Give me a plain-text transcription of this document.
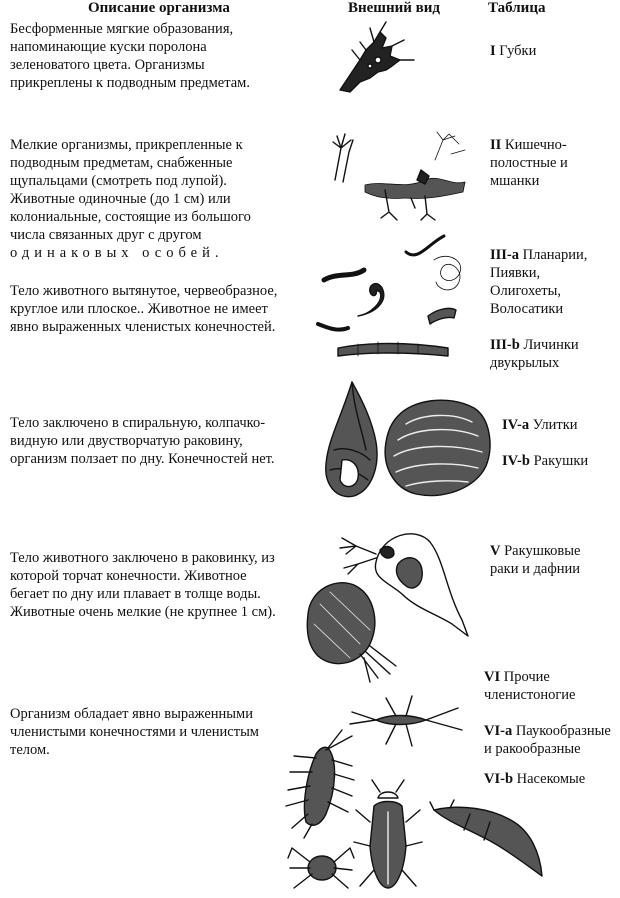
Описание организма	Внешний вид	Таблица
Бесформенные мягкие образования,
напоминающие куски поролона
зеленоватого цвета. Организмы
прикреплены к подводным предметам.
I Губки
Мелкие организмы, прикрепленные к
подводным предметам, снабженные
щупальцами (смотреть под лупой).
Животные одиночные (до 1 см) или
колониальные, состоящие из большого
числа связанных друг с другом
одинаковых особей.
II Кишечно-
полостные и
мшанки
Тело животного вытянутое, червеобразное,
круглое или плоское.. Животное не имеет
явно выраженных членистых конечностей.
III-a Планарии,
Пиявки,
Олигохеты,
Волосатики
III-b Личинки
двукрылых
Тело заключено в спиральную, колпачко-
видную или двустворчатую раковину,
организм ползает по дну. Конечностей нет.
IV-a Улитки
IV-b Ракушки
Тело животного заключено в раковинку, из
которой торчат конечности. Животное
бегает по дну или плавает в толще воды.
Животные очень мелкие (не крупнее 1 см).
V Ракушковые
раки и дафнии
Организм обладает явно выраженными
членистыми конечностями и членистым
телом.
VI Прочие
членистоногие
VI-a Паукообразные
и ракообразные
VI-b Насекомые
